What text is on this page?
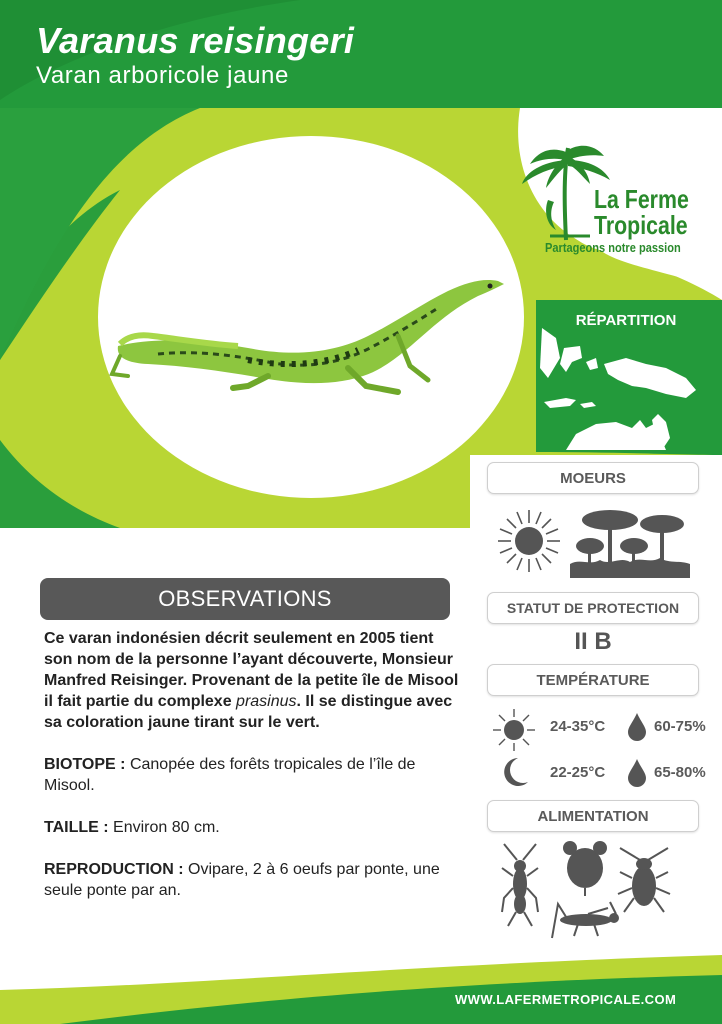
Varanus reisingeri
Varan arboricole jaune
La Ferme
Tropicale
Partageons notre passion
RÉPARTITION
MOEURS
STATUT DE PROTECTION
II B
TEMPÉRATURE
24-35°C	60-75%
22-25°C	65-80%
ALIMENTATION
OBSERVATIONS

Ce varan indonésien décrit seulement en 2005 tient son nom de la personne l’ayant découverte, Monsieur Manfred Reisinger. Provenant de la petite île de Misool il fait partie du complexe prasinus. Il se distingue avec sa coloration jaune tirant sur le vert.

BIOTOPE : Canopée des forêts tropicales de l’île de Misool.

TAILLE : Environ 80 cm.

REPRODUCTION : Ovipare, 2 à 6 oeufs par ponte, une seule ponte par an.

WWW.LAFERMETROPICALE.COM
